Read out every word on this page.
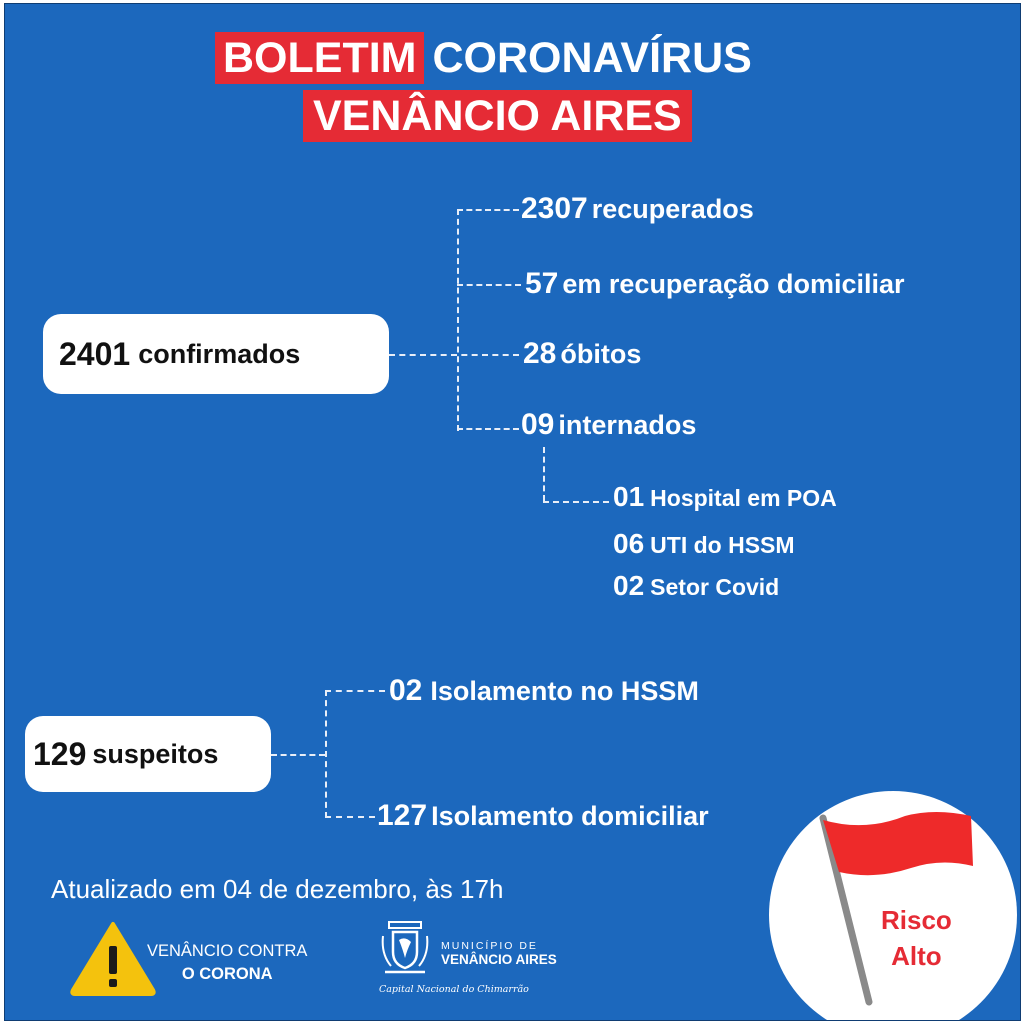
BOLETIM CORONAVÍRUS
VENÂNCIO AIRES
2401 confirmados
2307 recuperados
57 em recuperação domiciliar
28 óbitos
09 internados
01 Hospital em POA
06 UTI do HSSM
02 Setor Covid
129 suspeitos
02 Isolamento no HSSM
127 Isolamento domiciliar
Atualizado em 04 de dezembro, às 17h
VENÂNCIO CONTRA
O CORONA
MUNICÍPIO DE
VENÂNCIO AIRES
Capital Nacional do Chimarrão
Risco
Alto
